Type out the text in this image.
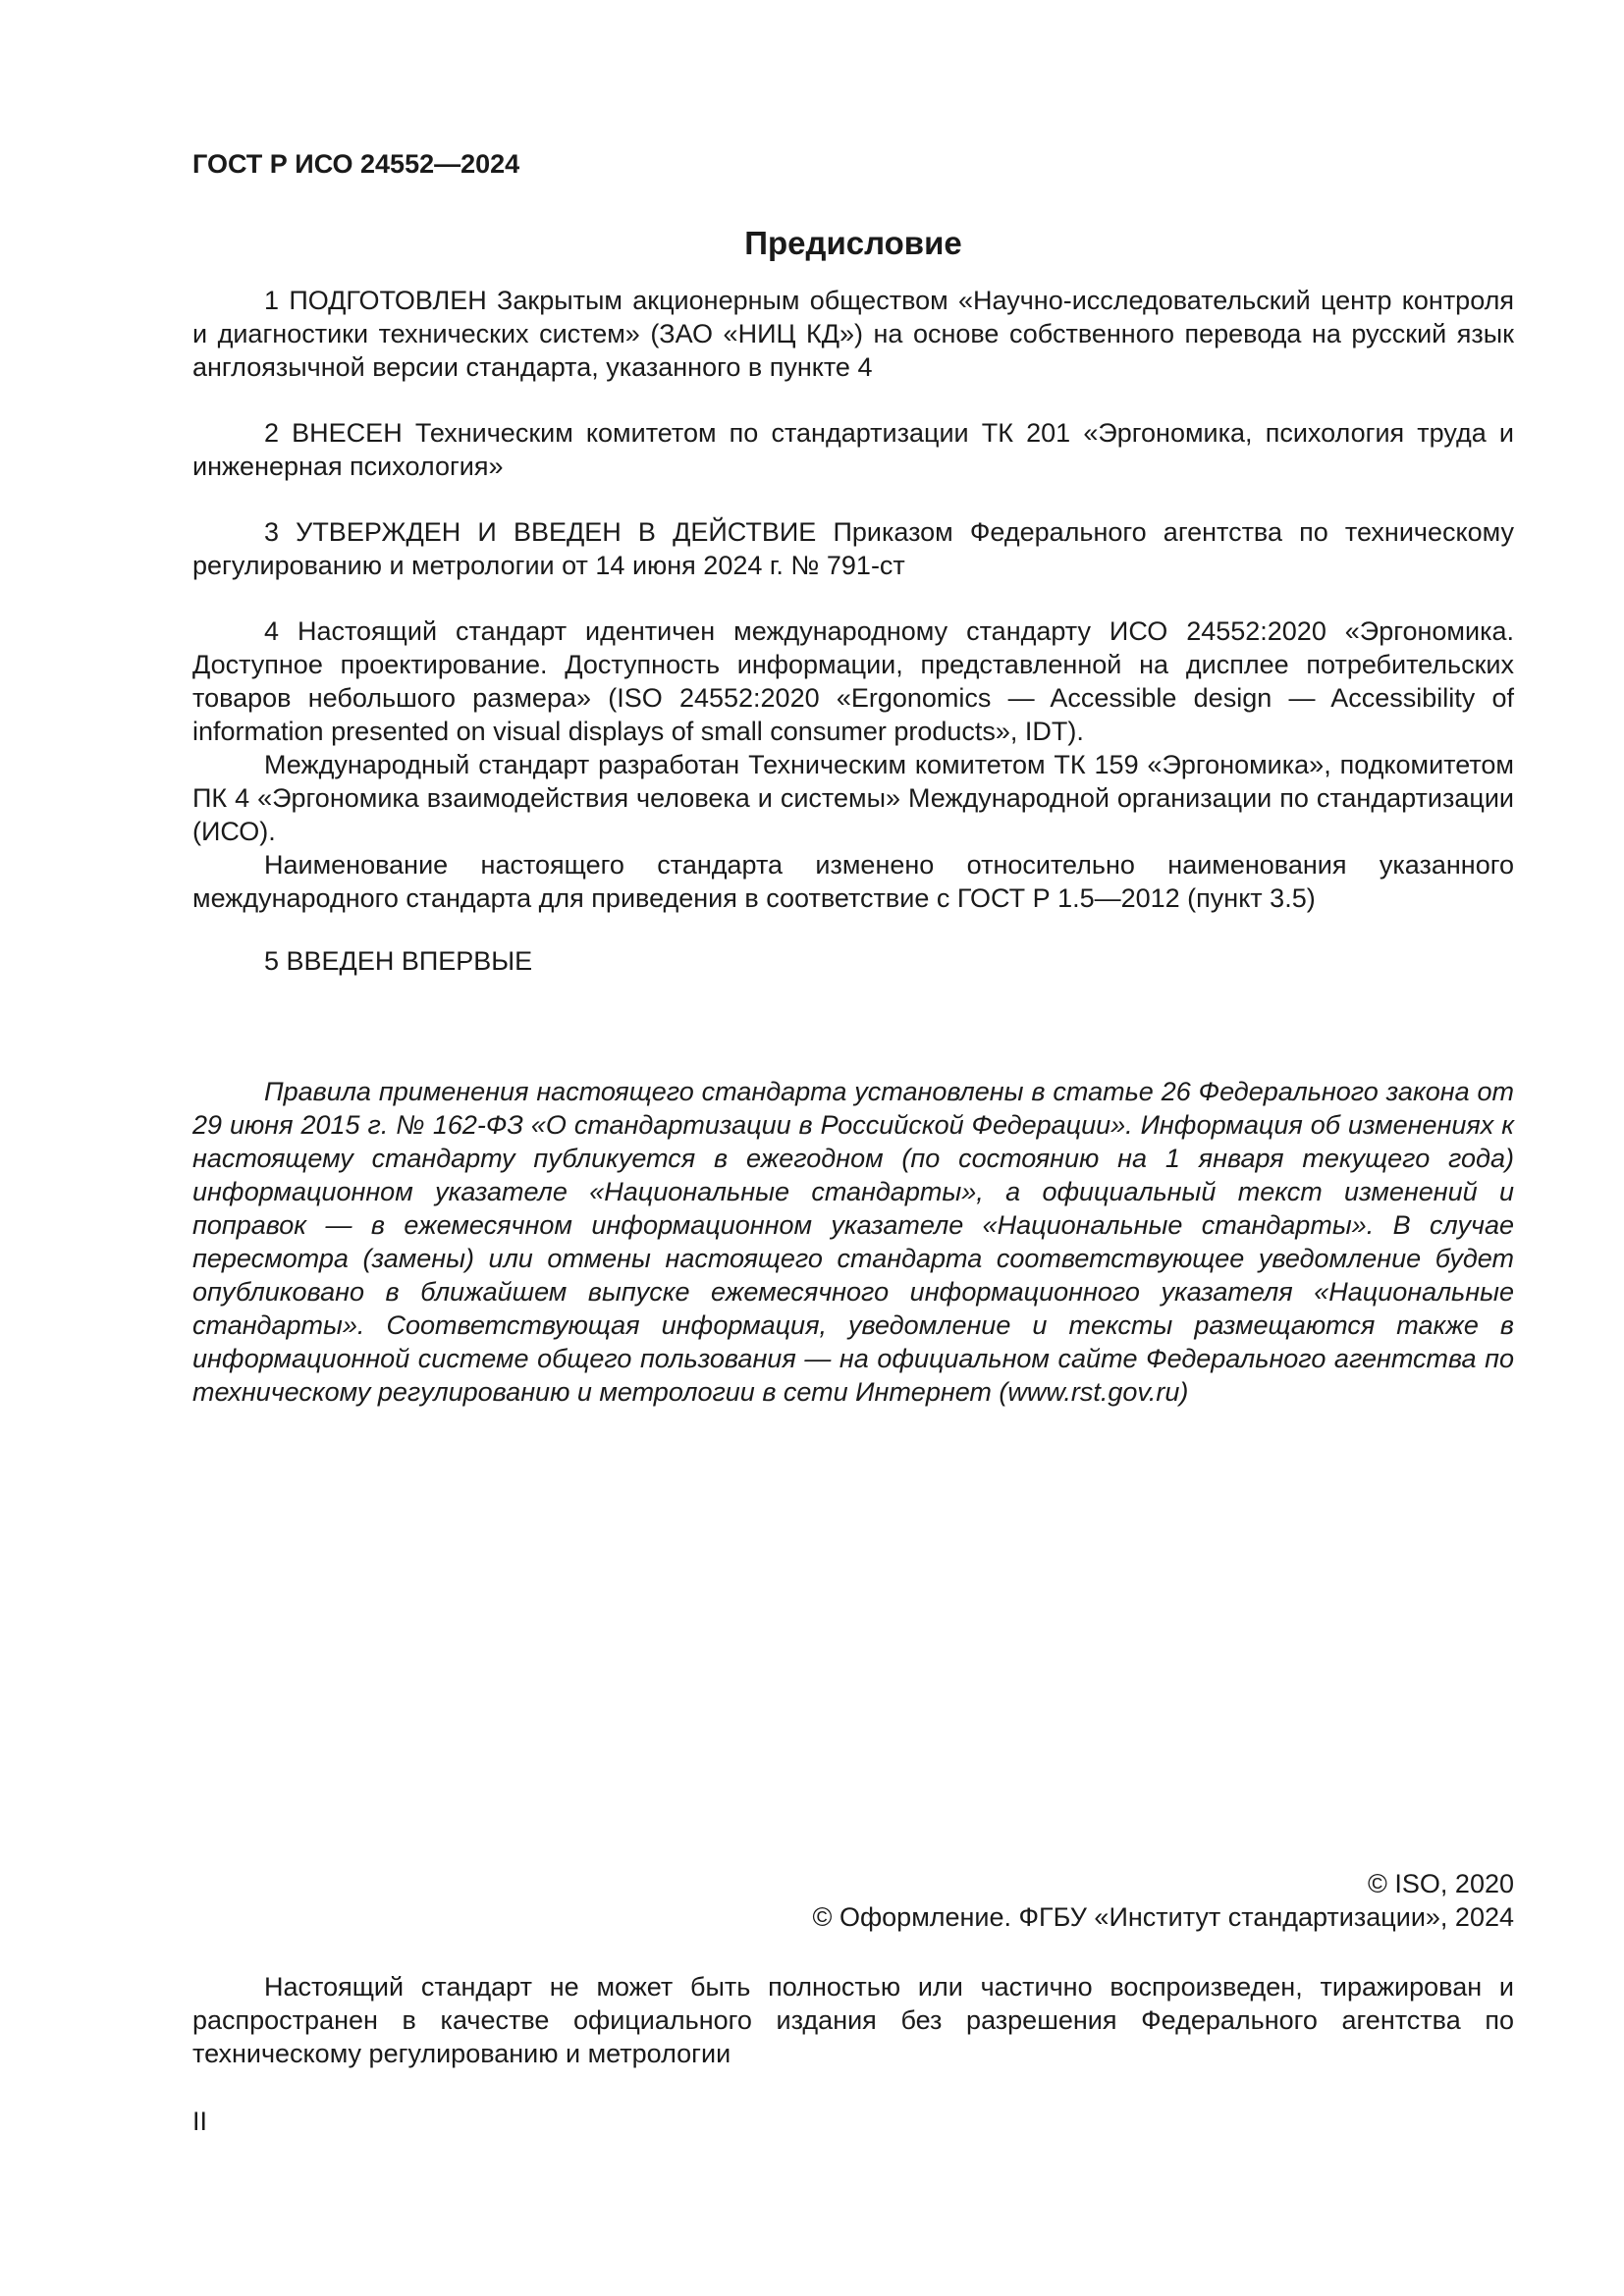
ГОСТ Р ИСО 24552—2024
Предисловие

1 ПОДГОТОВЛЕН Закрытым акционерным обществом «Научно-исследовательский центр контроля и диагностики технических систем» (ЗАО «НИЦ КД») на основе собственного перевода на русский язык англоязычной версии стандарта, указанного в пункте 4

2 ВНЕСЕН Техническим комитетом по стандартизации ТК 201 «Эргономика, психология труда и инженерная психология»

3 УТВЕРЖДЕН И ВВЕДЕН В ДЕЙСТВИЕ Приказом Федерального агентства по техническому регулированию и метрологии от 14 июня 2024 г. № 791-ст

4 Настоящий стандарт идентичен международному стандарту ИСО 24552:2020 «Эргономика. Доступное проектирование. Доступность информации, представленной на дисплее потребительских товаров небольшого размера» (ISO 24552:2020 «Ergonomics — Accessible design — Accessibility of information presented on visual displays of small consumer products», IDT).

Международный стандарт разработан Техническим комитетом ТК 159 «Эргономика», подкомитетом ПК 4 «Эргономика взаимодействия человека и системы» Международной организации по стандартизации (ИСО).

Наименование настоящего стандарта изменено относительно наименования указанного международного стандарта для приведения в соответствие с ГОСТ Р 1.5—2012 (пункт 3.5)

5 ВВЕДЕН ВПЕРВЫЕ

Правила применения настоящего стандарта установлены в статье 26 Федерального закона от 29 июня 2015 г. № 162-ФЗ «О стандартизации в Российской Федерации». Информация об изменениях к настоящему стандарту публикуется в ежегодном (по состоянию на 1 января текущего года) информационном указателе «Национальные стандарты», а официальный текст изменений и поправок — в ежемесячном информационном указателе «Национальные стандарты». В случае пересмотра (замены) или отмены настоящего стандарта соответствующее уведомление будет опубликовано в ближайшем выпуске ежемесячного информационного указателя «Национальные стандарты». Соответствующая информация, уведомление и тексты размещаются также в информационной системе общего пользования — на официальном сайте Федерального агентства по техническому регулированию и метрологии в сети Интернет (www.rst.gov.ru)

© ISO, 2020
© Оформление. ФГБУ «Институт стандартизации», 2024

Настоящий стандарт не может быть полностью или частично воспроизведен, тиражирован и распространен в качестве официального издания без разрешения Федерального агентства по техническому регулированию и метрологии

II
